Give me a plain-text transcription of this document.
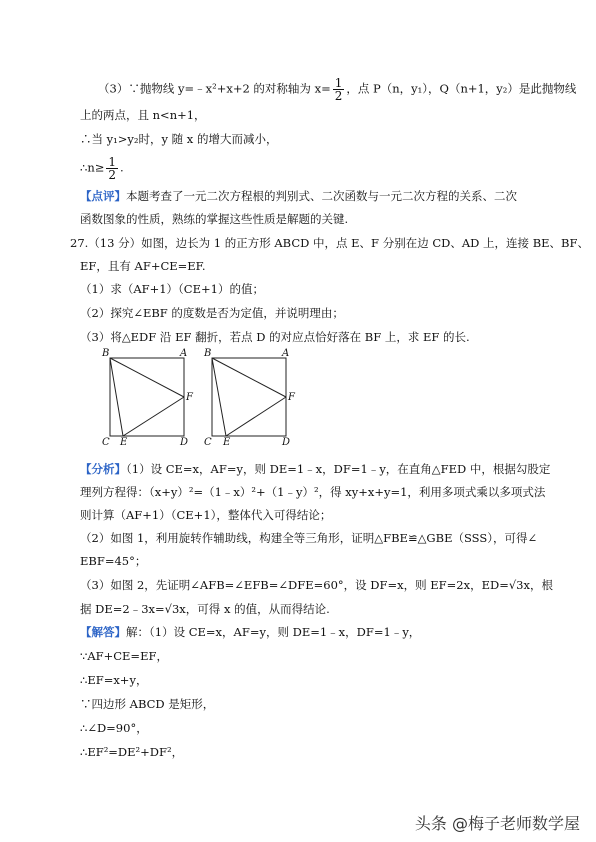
（3）∵抛物线 y=﹣x²+x+2 的对称轴为 $x= \frac{1}{2}$ ，点 P（n，y₁），Q（n+1，y₂）是此抛物线
上的两点，且 n<n+1，
∴当 y₁>y₂时，y 随 x 的增大而减小，
∴n≥ $\frac{1}{2}$ .
【点评】本题考查了一元二次方程根的判别式、二次函数与一元二次方程的关系、二次
函数图象的性质，熟练的掌握这些性质是解题的关键.
27.（13 分）如图，边长为 1 的正方形 ABCD 中，点 E、F 分别在边 CD、AD 上，连接 BE、BF、
EF，且有 AF+CE=EF.
（1）求（AF+1）（CE+1）的值；
（2）探究∠EBF 的度数是否为定值，并说明理由；
（3）将△EDF 沿 EF 翻折，若点 D 的对应点恰好落在 BF 上，求 EF 的长.
B	A
F
C E	D
B	A
F
C E	D
【分析】（1）设 CE=x，AF=y，则 DE=1﹣x，DF=1﹣y，在直角△FED 中，根据勾股定
理列方程得：（x+y）²=（1﹣x）²+（1﹣y）²，得 xy+x+y=1，利用多项式乘以多项式法
则计算（AF+1）（CE+1），整体代入可得结论；
（2）如图 1，利用旋转作辅助线，构建全等三角形，证明△FBE≌△GBE（SSS），可得∠
EBF=45°；
（3）如图 2，先证明∠AFB=∠EFB=∠DFE=60°，设 DF=x，则 EF=2x，ED=√3x，根
据 DE=2﹣3x=√3x，可得 x 的值，从而得结论.
【解答】解：（1）设 CE=x，AF=y，则 DE=1﹣x，DF=1﹣y，
∵AF+CE=EF，
∴EF=x+y，
∵四边形 ABCD 是矩形，
∴∠D=90°，
∴EF²=DE²+DF²，
头条 @梅子老师数学屋
